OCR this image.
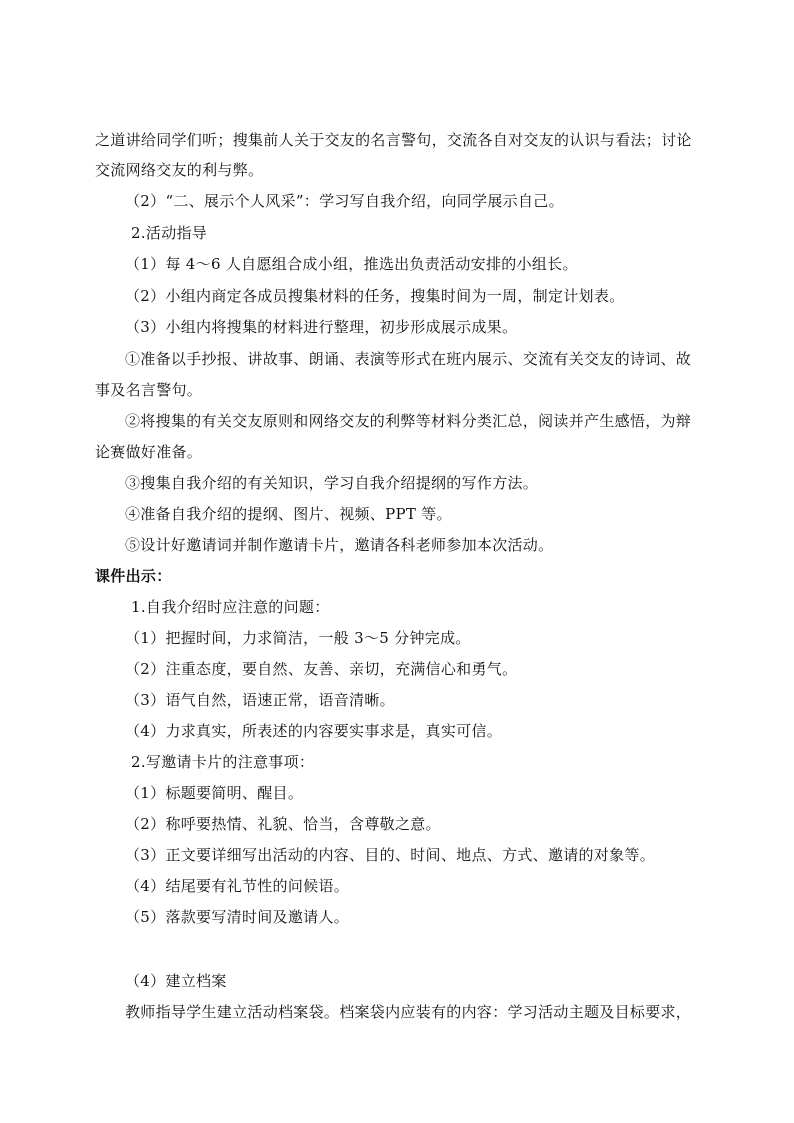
之道讲给同学们听；搜集前人关于交友的名言警句，交流各自对交友的认识与看法；讨论
交流网络交友的利与弊。
（2）“二、展示个人风采”：学习写自我介绍，向同学展示自己。
2.活动指导
（1）每 4～6 人自愿组合成小组，推选出负责活动安排的小组长。
（2）小组内商定各成员搜集材料的任务，搜集时间为一周，制定计划表。
（3）小组内将搜集的材料进行整理，初步形成展示成果。
①准备以手抄报、讲故事、朗诵、表演等形式在班内展示、交流有关交友的诗词、故
事及名言警句。
②将搜集的有关交友原则和网络交友的利弊等材料分类汇总，阅读并产生感悟，为辩
论赛做好准备。
③搜集自我介绍的有关知识，学习自我介绍提纲的写作方法。
④准备自我介绍的提纲、图片、视频、PPT 等。
⑤设计好邀请词并制作邀请卡片，邀请各科老师参加本次活动。
课件出示：
1.自我介绍时应注意的问题：
（1）把握时间，力求简洁，一般 3～5 分钟完成。
（2）注重态度，要自然、友善、亲切，充满信心和勇气。
（3）语气自然，语速正常，语音清晰。
（4）力求真实，所表述的内容要实事求是，真实可信。
2.写邀请卡片的注意事项：
（1）标题要简明、醒目。
（2）称呼要热情、礼貌、恰当，含尊敬之意。
（3）正文要详细写出活动的内容、目的、时间、地点、方式、邀请的对象等。
（4）结尾要有礼节性的问候语。
（5）落款要写清时间及邀请人。
（4）建立档案
教师指导学生建立活动档案袋。档案袋内应装有的内容：学习活动主题及目标要求，
